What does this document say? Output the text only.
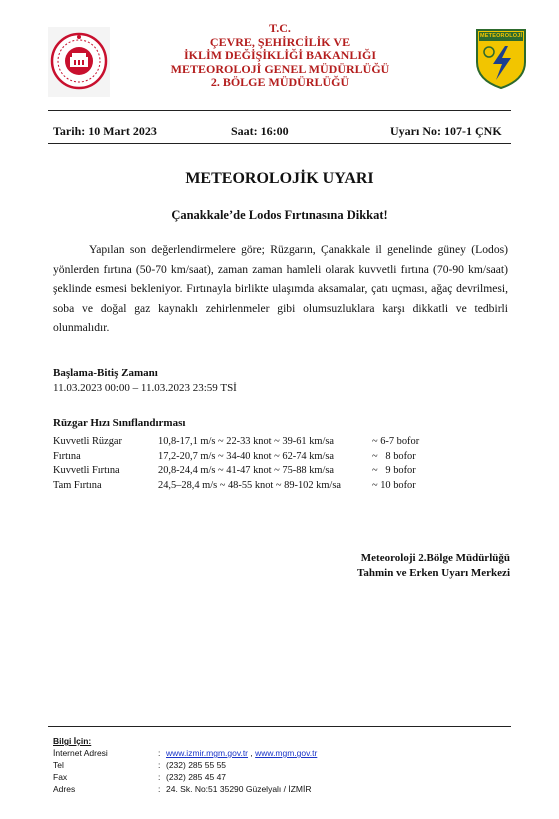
T.C.
ÇEVRE, ŞEHİRCİLİK VE
İKLİM DEĞİŞİKLİĞİ BAKANLIĞI
METEOROLOJİ GENEL MÜDÜRLÜĞÜ
2. BÖLGE MÜDÜRLÜĞÜ
METEOROLOJİ
Tarih: 10 Mart 2023	Saat: 16:00	Uyarı No: 107-1 ÇNK
METEOROLOJİK UYARI
Çanakkale’de Lodos Fırtınasına Dikkat!
Yapılan son değerlendirmelere göre; Rüzgarın, Çanakkale il genelinde güney (Lodos) yönlerden fırtına (50-70 km/saat), zaman zaman hamleli olarak kuvvetli fırtına (70-90 km/saat) şeklinde esmesi bekleniyor. Fırtınayla birlikte ulaşımda aksamalar, çatı uçması, ağaç devrilmesi, soba ve doğal gaz kaynaklı zehirlenmeler gibi olumsuzluklara karşı dikkatli ve tedbirli olunmalıdır.
Başlama-Bitiş Zamanı
11.03.2023 00:00 – 11.03.2023 23:59 TSİ
Rüzgar Hızı Sınıflandırması
Kuvvetli Rüzgar	10,8-17,1 m/s ~ 22-33 knot ~ 39-61 km/sa	~ 6-7 bofor
Fırtına	17,2-20,7 m/s ~ 34-40 knot ~ 62-74 km/sa	~   8 bofor
Kuvvetli Fırtına	20,8-24,4 m/s ~ 41-47 knot ~ 75-88 km/sa	~   9 bofor
Tam Fırtına	24,5–28,4 m/s ~ 48-55 knot ~ 89-102 km/sa	~ 10 bofor
Meteoroloji 2.Bölge Müdürlüğü
Tahmin ve Erken Uyarı Merkezi
Bilgi İçin:
İnternet Adresi	: www.izmir.mgm.gov.tr , www.mgm.gov.tr
Tel	: (232) 285 55 55
Fax	: (232) 285 45 47
Adres	: 24. Sk. No:51 35290 Güzelyalı / İZMİR
